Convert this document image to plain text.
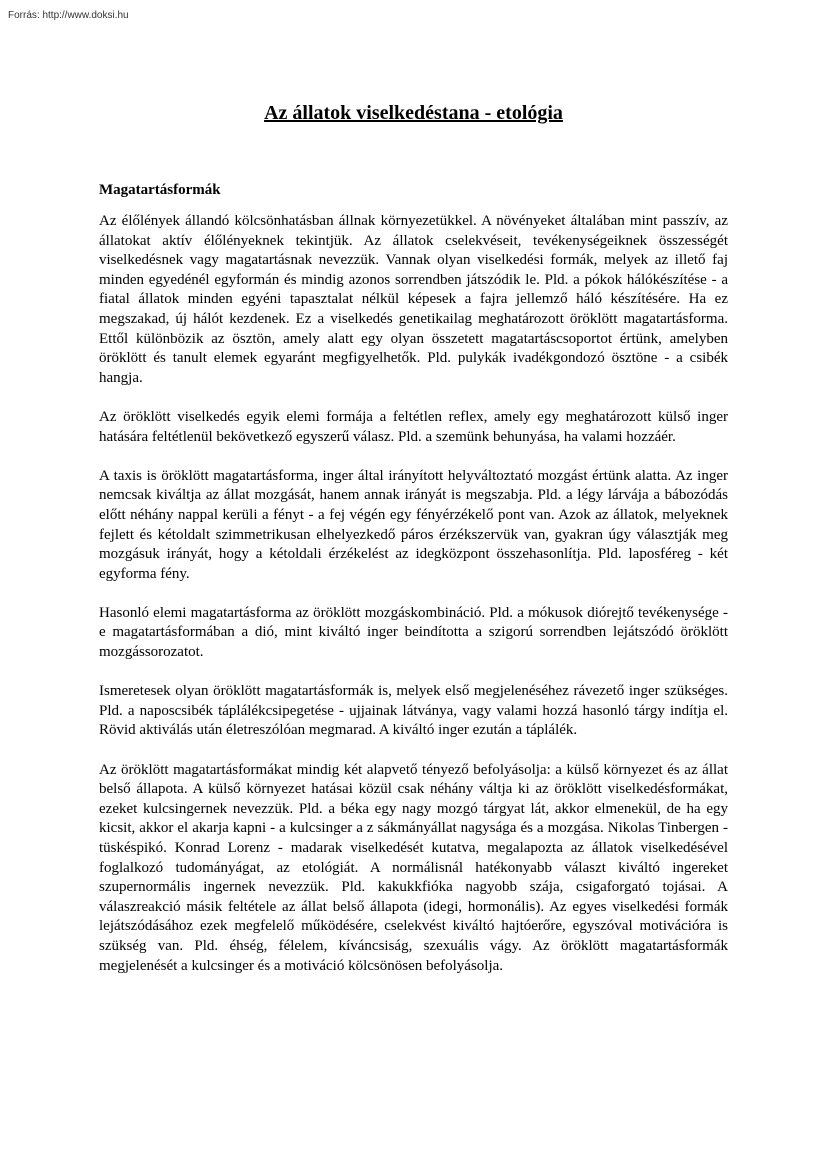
Forrás: http://www.doksi.hu
Az állatok viselkedéstana - etológia
Magatartásformák

Az élőlények állandó kölcsönhatásban állnak környezetükkel. A növényeket általában mint passzív, az állatokat aktív élőlényeknek tekintjük. Az állatok cselekvéseit, tevékenységeiknek összességét viselkedésnek vagy magatartásnak nevezzük. Vannak olyan viselkedési formák, melyek az illető faj minden egyedénél egyformán és mindig azonos sorrendben játszódik le. Pld. a pókok hálókészítése - a fiatal állatok minden egyéni tapasztalat nélkül képesek a fajra jellemző háló készítésére. Ha ez megszakad, új hálót kezdenek. Ez a viselkedés genetikailag meghatározott öröklött magatartásforma. Ettől különbözik az ösztön, amely alatt egy olyan összetett magatartáscsoportot értünk, amelyben öröklött és tanult elemek egyaránt megfigyelhetők. Pld. pulykák ivadékgondozó ösztöne - a csibék hangja.

Az öröklött viselkedés egyik elemi formája a feltétlen reflex, amely egy meghatározott külső inger hatására feltétlenül bekövetkező egyszerű válasz. Pld. a szemünk behunyása, ha valami hozzáér.

A taxis is öröklött magatartásforma, inger által irányított helyváltoztató mozgást értünk alatta. Az inger nemcsak kiváltja az állat mozgását, hanem annak irányát is megszabja. Pld. a légy lárvája a bábozódás előtt néhány nappal kerüli a fényt - a fej végén egy fényérzékelő pont van. Azok az állatok, melyeknek fejlett és kétoldalt szimmetrikusan elhelyezkedő páros érzékszervük van, gyakran úgy választják meg mozgásuk irányát, hogy a kétoldali érzékelést az idegközpont összehasonlítja. Pld. laposféreg - két egyforma fény.

Hasonló elemi magatartásforma az öröklött mozgáskombináció. Pld. a mókusok diórejtő tevékenysége - e magatartásformában a dió, mint kiváltó inger beindította a szigorú sorrendben lejátszódó öröklött mozgássorozatot.

Ismeretesek olyan öröklött magatartásformák is, melyek első megjelenéséhez rávezető inger szükséges. Pld. a naposcsibék táplálékcsipegetése - ujjainak látványa, vagy valami hozzá hasonló tárgy indítja el. Rövid aktiválás után életreszólóan megmarad. A kiváltó inger ezután a táplálék.

Az öröklött magatartásformákat mindig két alapvető tényező befolyásolja: a külső környezet és az állat belső állapota. A külső környezet hatásai közül csak néhány váltja ki az öröklött viselkedésformákat, ezeket kulcsingernek nevezzük. Pld. a béka egy nagy mozgó tárgyat lát, akkor elmenekül, de ha egy kicsit, akkor el akarja kapni - a kulcsinger a z sákmányállat nagysága és a mozgása. Nikolas Tinbergen - tüskéspikó. Konrad Lorenz - madarak viselkedését kutatva, megalapozta az állatok viselkedésével foglalkozó tudományágat, az etológiát. A normálisnál hatékonyabb választ kiváltó ingereket szupernormális ingernek nevezzük. Pld. kakukkfióka nagyobb szája, csigaforgató tojásai. A válaszreakció másik feltétele az állat belső állapota (idegi, hormonális). Az egyes viselkedési formák lejátszódásához ezek megfelelő működésére, cselekvést kiváltó hajtóerőre, egyszóval motivációra is szükség van. Pld. éhség, félelem, kíváncsiság, szexuális vágy. Az öröklött magatartásformák megjelenését a kulcsinger és a motiváció kölcsönösen befolyásolja.
